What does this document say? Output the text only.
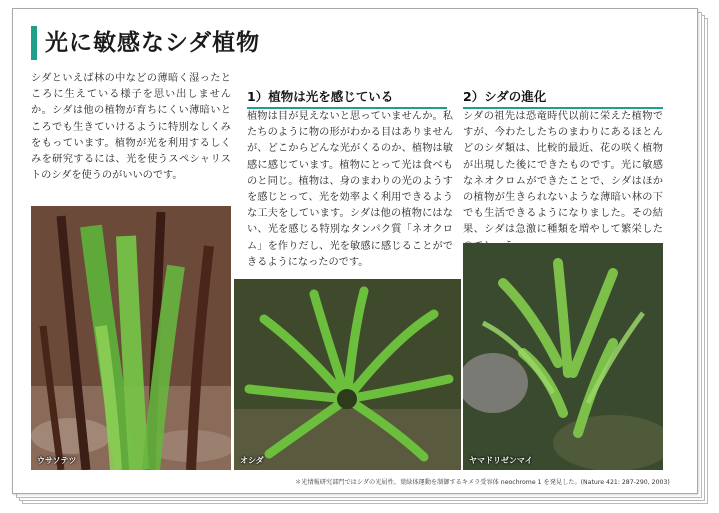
光に敏感なシダ植物
シダといえば林の中などの薄暗く湿ったところに生えている様子を思い出しませんか。シダは他の植物が育ちにくい薄暗いところでも生きていけるように特別なしくみをもっています。植物が光を利用するしくみを研究するには、光を使うスペシャリストのシダを使うのがいいのです。
1）植物は光を感じている
植物は目が見えないと思っていませんか。私たちのように物の形がわかる目はありませんが、どこからどんな光がくるのか、植物は敏感に感じています。植物にとって光は食べものと同じ。植物は、身のまわりの光のようすを感じとって、光を効率よく利用できるような工夫をしています。シダは他の植物にはない、光を感じる特別なタンパク質「ネオクロム」を作りだし、光を敏感に感じることができるようになったのです。
2）シダの進化
シダの祖先は恐竜時代以前に栄えた植物ですが、今わたしたちのまわりにあるほとんどのシダ類は、比較的最近、花の咲く植物が出現した後にできたものです。光に敏感なネオクロムができたことで、シダはほかの植物が生きられないような薄暗い林の下でも生活できるようになりました。その結果、シダは急激に種類を増やして繁栄した
ウサソテツ	オシダ	ヤマドリゼンマイ
＊光情報研究部門ではシダの光屈性、葉緑体運動を制御するキメラ受容体 neochrome 1 を発見した。(Nature 421: 287-290, 2003)
